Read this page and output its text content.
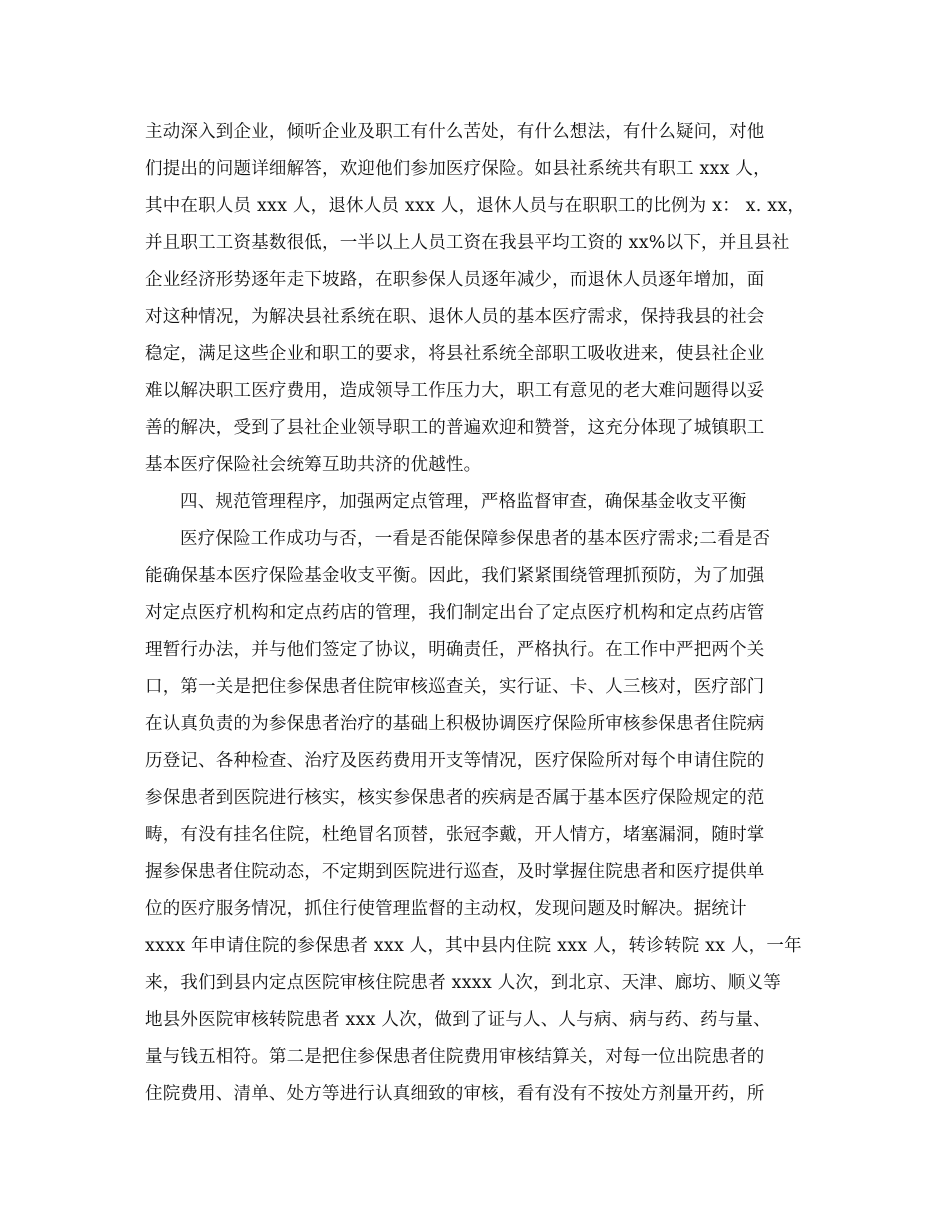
主动深入到企业，倾听企业及职工有什么苦处，有什么想法，有什么疑问，对他
们提出的问题详细解答，欢迎他们参加医疗保险。如县社系统共有职工 xxx 人，
其中在职人员 xxx 人，退休人员 xxx 人，退休人员与在职职工的比例为 x： x. xx，
并且职工工资基数很低，一半以上人员工资在我县平均工资的 xx%以下，并且县社
企业经济形势逐年走下坡路，在职参保人员逐年减少，而退休人员逐年增加，面
对这种情况，为解决县社系统在职、退休人员的基本医疗需求，保持我县的社会
稳定，满足这些企业和职工的要求，将县社系统全部职工吸收进来，使县社企业
难以解决职工医疗费用，造成领导工作压力大，职工有意见的老大难问题得以妥
善的解决，受到了县社企业领导职工的普遍欢迎和赞誉，这充分体现了城镇职工
基本医疗保险社会统筹互助共济的优越性。
四、规范管理程序，加强两定点管理，严格监督审查，确保基金收支平衡
医疗保险工作成功与否，一看是否能保障参保患者的基本医疗需求;二看是否
能确保基本医疗保险基金收支平衡。因此，我们紧紧围绕管理抓预防，为了加强
对定点医疗机构和定点药店的管理，我们制定出台了定点医疗机构和定点药店管
理暂行办法，并与他们签定了协议，明确责任，严格执行。在工作中严把两个关
口，第一关是把住参保患者住院审核巡查关，实行证、卡、人三核对，医疗部门
在认真负责的为参保患者治疗的基础上积极协调医疗保险所审核参保患者住院病
历登记、各种检查、治疗及医药费用开支等情况，医疗保险所对每个申请住院的
参保患者到医院进行核实，核实参保患者的疾病是否属于基本医疗保险规定的范
畴，有没有挂名住院，杜绝冒名顶替，张冠李戴，开人情方，堵塞漏洞，随时掌
握参保患者住院动态，不定期到医院进行巡查，及时掌握住院患者和医疗提供单
位的医疗服务情况，抓住行使管理监督的主动权，发现问题及时解决。据统计
xxxx 年申请住院的参保患者 xxx 人，其中县内住院 xxx 人，转诊转院 xx 人，一年
来，我们到县内定点医院审核住院患者 xxxx 人次，到北京、天津、廊坊、顺义等
地县外医院审核转院患者 xxx 人次，做到了证与人、人与病、病与药、药与量、
量与钱五相符。第二是把住参保患者住院费用审核结算关，对每一位出院患者的
住院费用、清单、处方等进行认真细致的审核，看有没有不按处方剂量开药，所
